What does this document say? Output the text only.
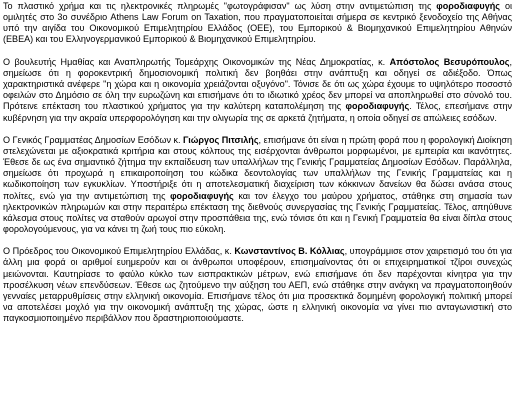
Το πλαστικό χρήμα και τις ηλεκτρονικές πληρωμές "φωτογράφισαν" ως λύση στην αντιμετώπιση της φοροδιαφυγής οι ομιλητές στο 3ο συνέδριο Athens Law Forum on Taxation, που πραγματοποιείται σήμερα σε κεντρικό ξενοδοχείο της Αθήνας υπό την αιγίδα του Οικονομικού Επιμελητηρίου Ελλάδος (ΟΕΕ), του Εμπορικού & Βιομηχανικού Επιμελητηρίου Αθηνών (ΕΒΕΑ) και του Ελληνογερμανικού Εμπορικού & Βιομηχανικού Επιμελητηρίου.

Ο βουλευτής Ημαθίας και Αναπληρωτής Τομεάρχης Οικονομικών της Νέας Δημοκρατίας, κ. Απόστολος Βεσυρόπουλος, σημείωσε ότι η φορoκεντρική δημοσιονομική πολιτική δεν βοηθάει στην ανάπτυξη και οδηγεί σε αδιέξοδο. Όπως χαρακτηριστικά ανέφερε "η χώρα και η οικονομία χρειάζονται οξυγόνο". Τόνισε δε ότι ως χώρα έχουμε το υψηλότερο ποσοστό οφειλών στο Δημόσιο σε όλη την ευρωζώνη και επισήμανε ότι το ιδιωτικό χρέος δεν μπορεί να αποπληρωθεί στο σύνολό του. Πρότεινε επέκταση του πλαστικού χρήματος για την καλύτερη καταπολέμηση της φοροδιαφυγής. Τέλος, επεσήμανε στην κυβέρνηση για την ακραία υπερφορολόγηση και την ολιγωρία της σε αρκετά ζητήματα, η οποία οδηγεί σε απώλειες εσόδων.

Ο Γενικός Γραμματέας Δημοσίων Εσόδων κ. Γιώργος Πιτσιλής, επισήμανε ότι είναι η πρώτη φορά που η φορολογική Διοίκηση στελεχώνεται με αξιοκρατικά κριτήρια και στους κόλπους της εισέρχονται άνθρωποι μορφωμένοι, με εμπειρία και ικανότητες. Έθεσε δε ως ένα σημαντικό ζήτημα την εκπαίδευση των υπαλλήλων της Γενικής Γραμματείας Δημοσίων Εσόδων. Παράλληλα, σημείωσε ότι προχωρά η επικαιροποίηση του κώδικα δεοντολογίας των υπαλλήλων της Γενικής Γραμματείας και η κωδικοποίηση των εγκυκλίων. Υποστήριξε ότι η αποτελεσματική διαχείριση των κόκκινων δανείων θα δώσει ανάσα στους πολίτες, ενώ για την αντιμετώπιση της φοροδιαφυγής και τον έλεγχο του μαύρου χρήματος, στάθηκε στη σημασία των ηλεκτρονικών πληρωμών και στην περαιτέρω επέκταση της διεθνούς συνεργασίας της Γενικής Γραμματείας. Τέλος, απηύθυνε κάλεσμα στους πολίτες να σταθούν αρωγοί στην προσπάθεια της, ενώ τόνισε ότι και η Γενική Γραμματεία θα είναι δίπλα στους φορολογούμενους, για να κάνει τη ζωή τους πιο εύκολη.

Ο Πρόεδρος του Οικονομικού Επιμελητηρίου Ελλάδας, κ. Κωνσταντίνος Β. Κόλλιας, υπογράμμισε στον χαιρετισμό του ότι για άλλη μια φορά οι αριθμοί ευημερούν και οι άνθρωποι υποφέρουν, επισημαίνοντας ότι οι επιχειρηματικοί τζίροι συνεχώς μειώνονται. Καυτηρίασε το φαύλο κύκλο των εισπρακτικών μέτρων, ενώ επισήμανε ότι δεν παρέχονται κίνητρα για την προσέλκυση νέων επενδύσεων. Έθεσε ως ζητούμενο την αύξηση του ΑΕΠ, ενώ στάθηκε στην ανάγκη να πραγματοποιηθούν γενναίες μεταρρυθμίσεις στην ελληνική οικονομία. Επισήμανε τέλος ότι μια προσεκτικά δομημένη φορολογική πολιτική μπορεί να αποτελέσει μοχλό για την οικονομική ανάπτυξη της χώρας, ώστε η ελληνική οικονομία να γίνει πιο ανταγωνιστική στο παγκοσμιοποιημένο περιβάλλον που δραστηριοποιούμαστε.
